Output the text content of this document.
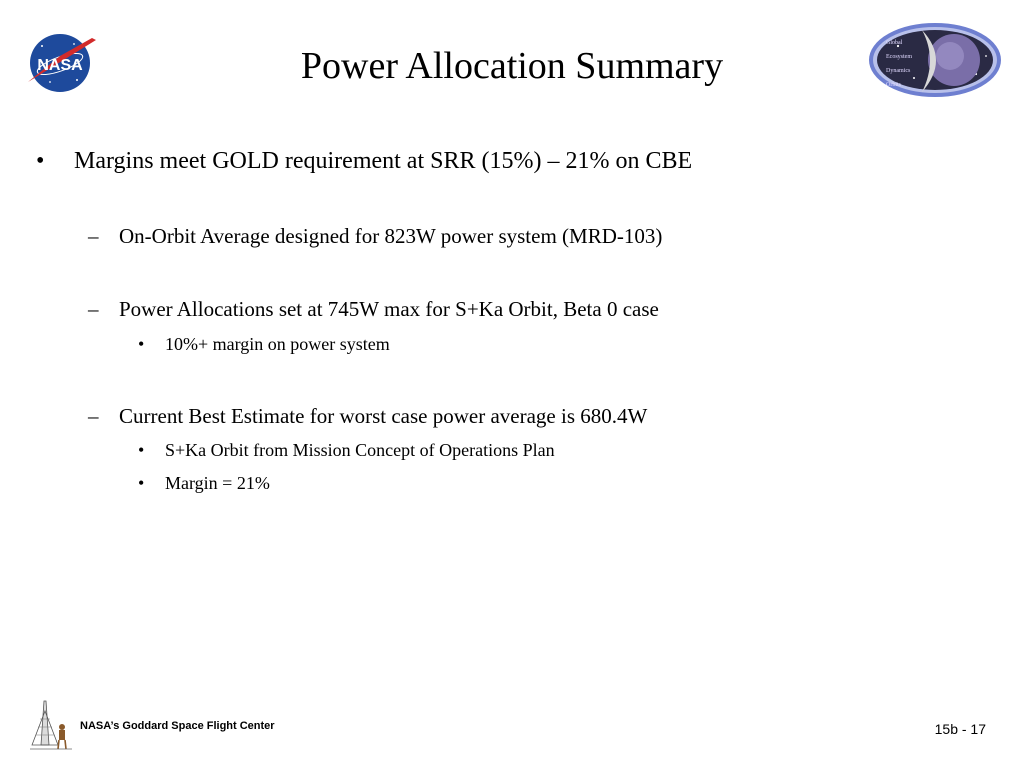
NASA
Global
Ecosystem
Dynamics
Orbits
Power Allocation Summary
• Margins meet GOLD requirement at SRR (15%) – 21% on CBE
– On-Orbit Average designed for 823W power system (MRD-103)
– Power Allocations set at 745W max for S+Ka Orbit, Beta 0 case
• 10%+ margin on power system
– Current Best Estimate for worst case power average is 680.4W
• S+Ka Orbit from Mission Concept of Operations Plan
• Margin = 21%
NASA’s Goddard Space Flight Center	15b - 17
